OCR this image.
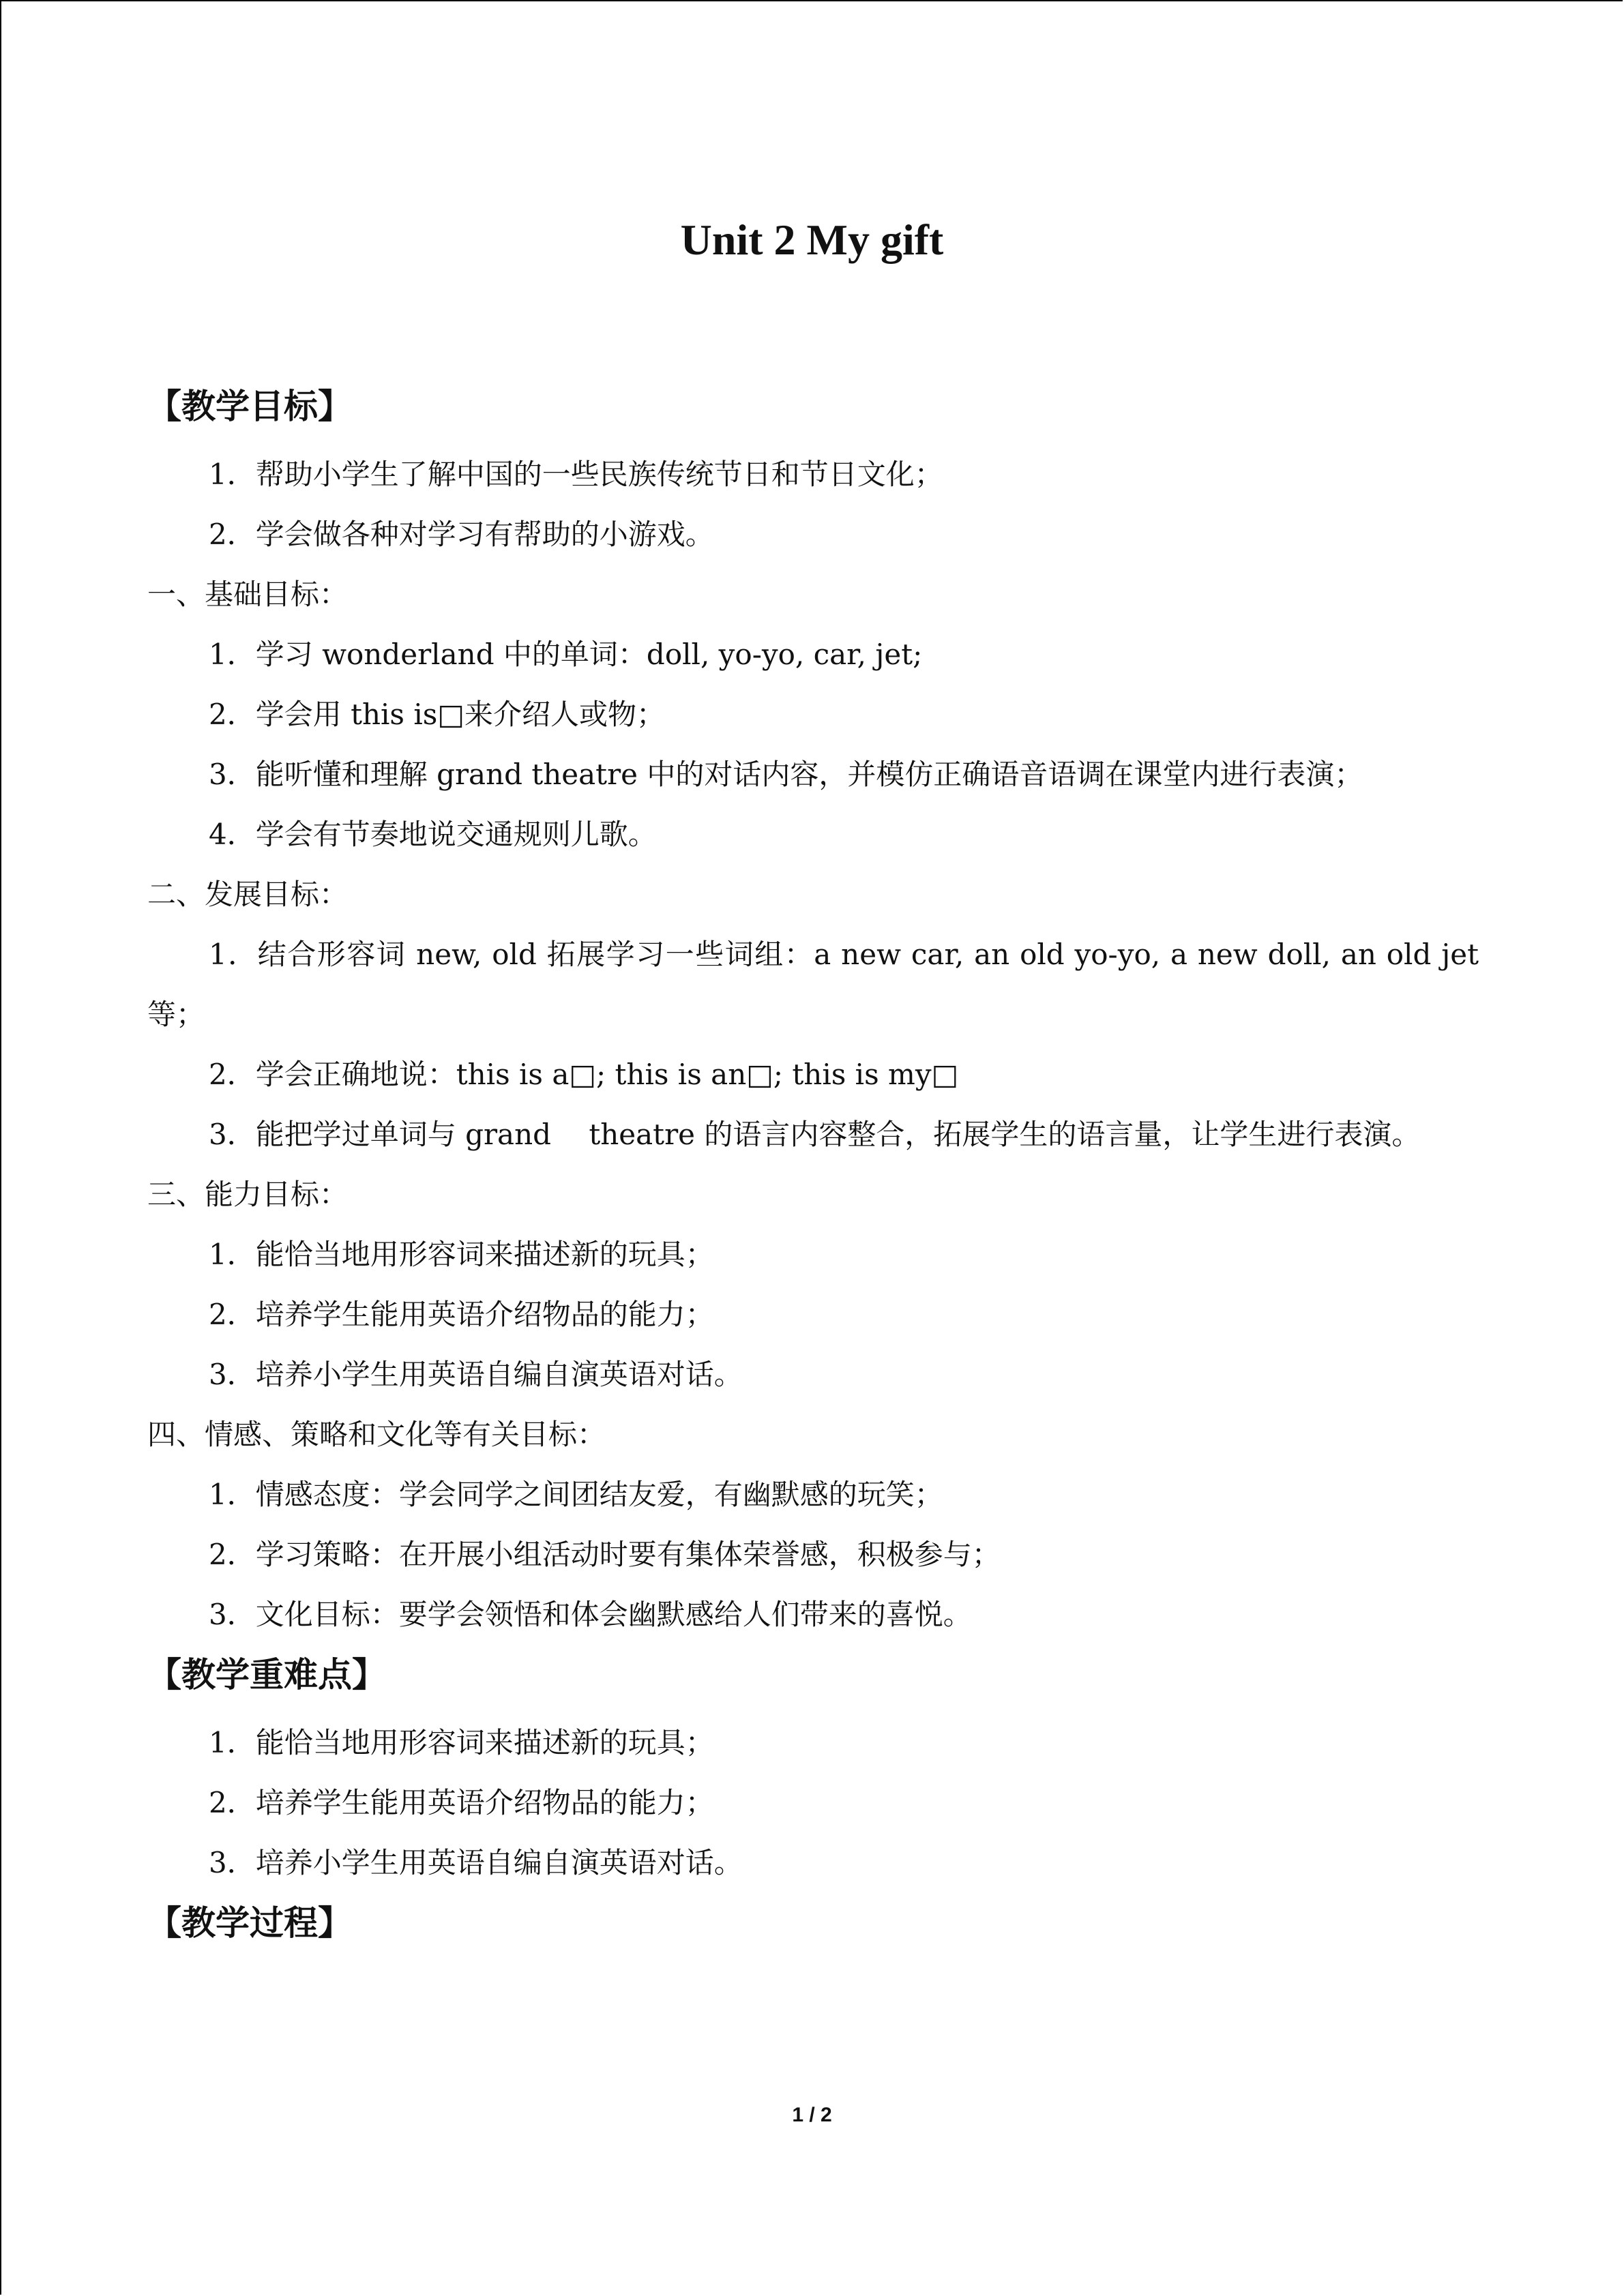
Unit 2 My gift
【教学目标】
1．帮助小学生了解中国的一些民族传统节日和节日文化；
2．学会做各种对学习有帮助的小游戏。
一、基础目标：
1．学习 wonderland 中的单词：doll, yo-yo, car, jet;
2．学会用 this is□来介绍人或物；
3．能听懂和理解 grand theatre 中的对话内容，并模仿正确语音语调在课堂内进行表演；
4．学会有节奏地说交通规则儿歌。
二、发展目标：
1．结合形容词 new, old 拓展学习一些词组：a new car, an old yo-yo, a new doll, an old jet 等；
2．学会正确地说：this is a□; this is an□; this is my□
3．能把学过单词与 grand　 theatre 的语言内容整合，拓展学生的语言量，让学生进行表演。
三、能力目标：
1．能恰当地用形容词来描述新的玩具；
2．培养学生能用英语介绍物品的能力；
3．培养小学生用英语自编自演英语对话。
四、情感、策略和文化等有关目标：
1．情感态度：学会同学之间团结友爱，有幽默感的玩笑；
2．学习策略：在开展小组活动时要有集体荣誉感，积极参与；
3．文化目标：要学会领悟和体会幽默感给人们带来的喜悦。
【教学重难点】
1．能恰当地用形容词来描述新的玩具；
2．培养学生能用英语介绍物品的能力；
3．培养小学生用英语自编自演英语对话。
【教学过程】
1 / 2
